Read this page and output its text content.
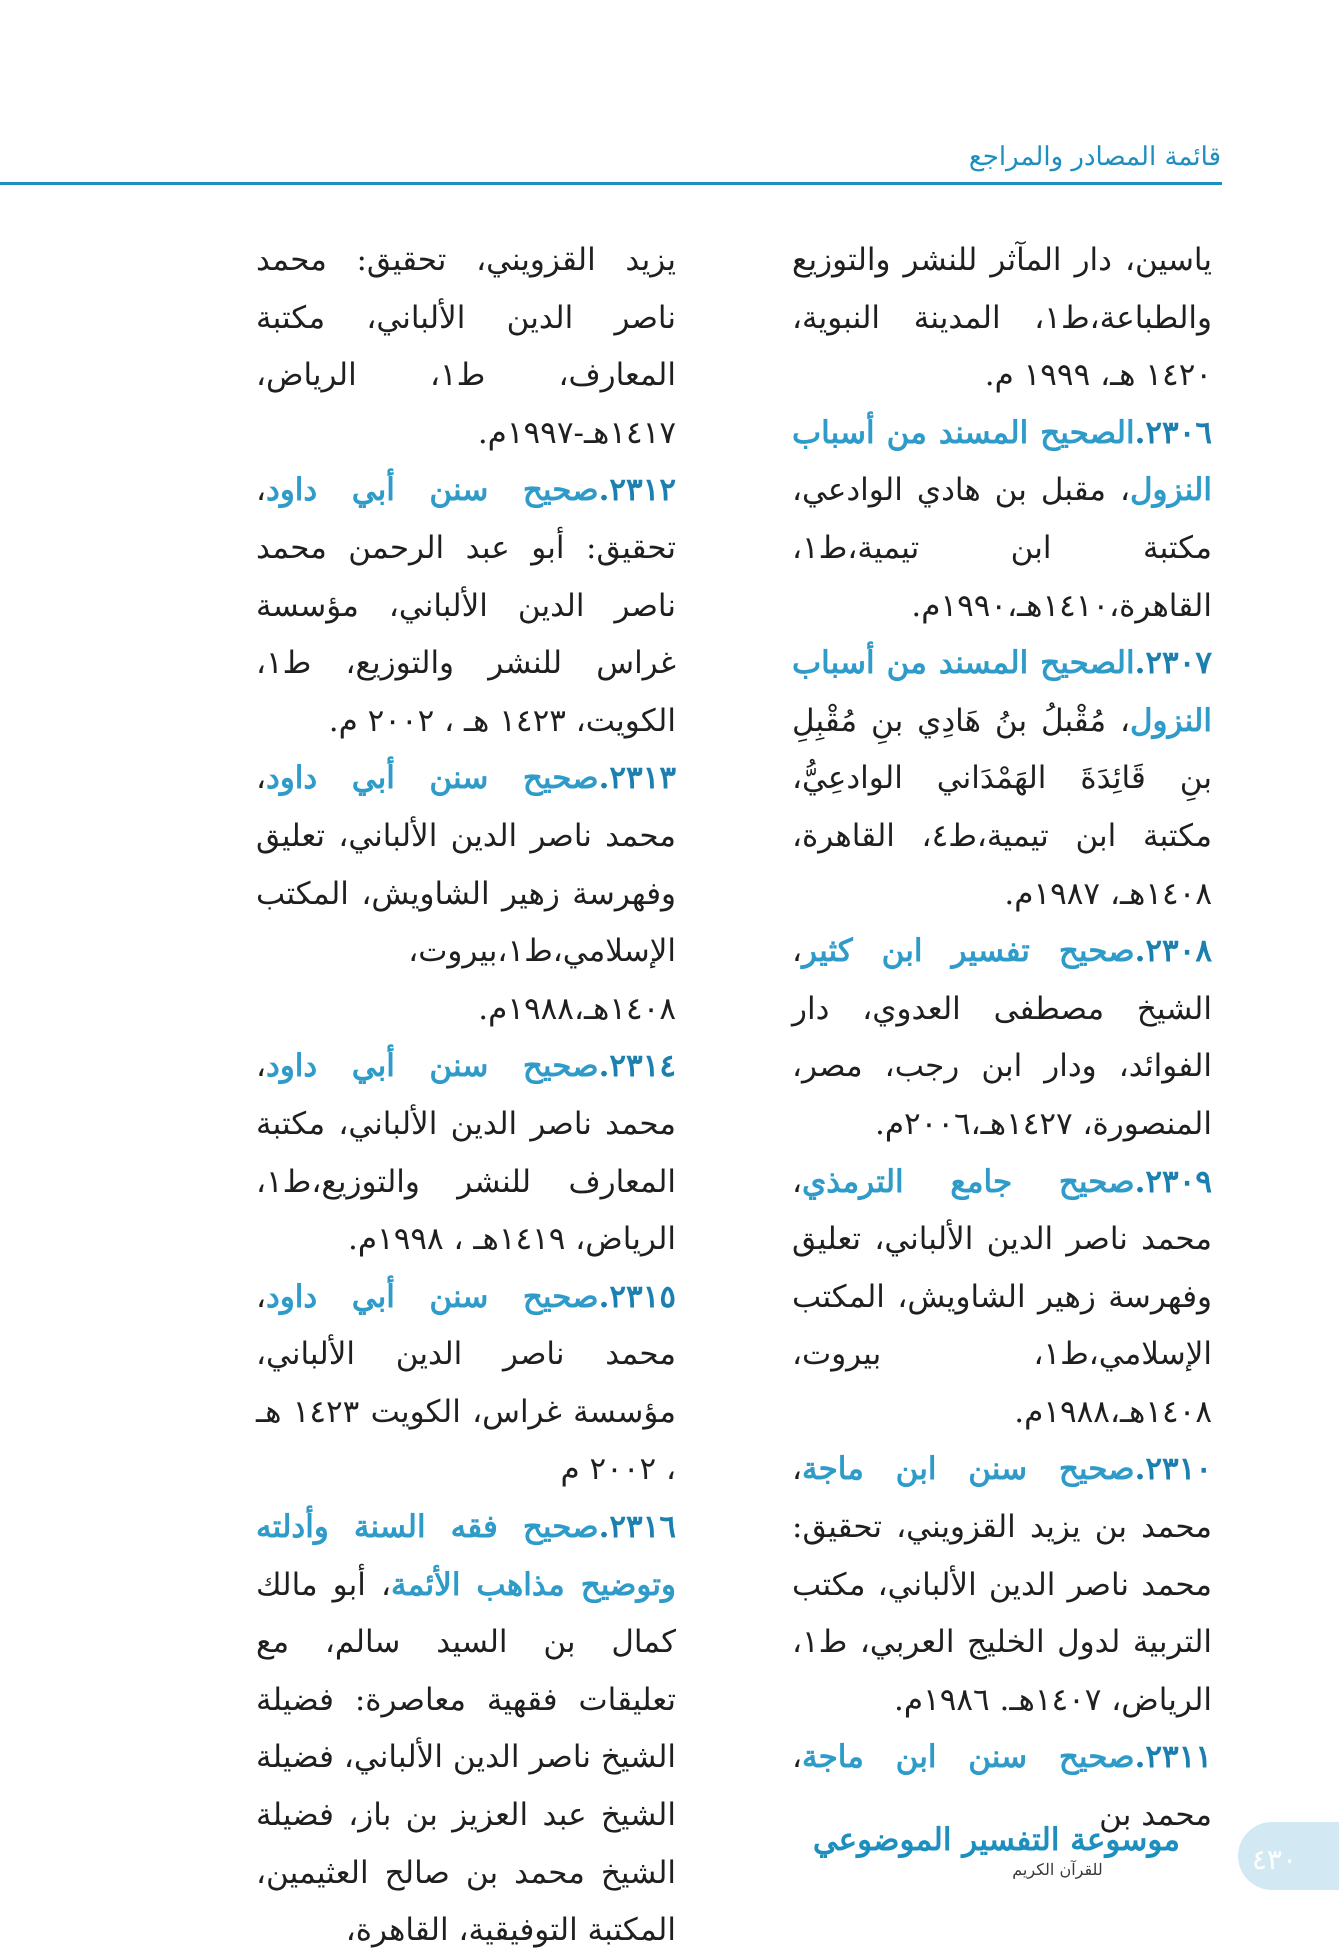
قائمة المصادر والمراجع

ياسين، دار المآثر للنشر والتوزيع والطباعة،ط١، المدينة النبوية، ١٤٢٠ هـ، ١٩٩٩ م.

٢٣٠٦.الصحيح المسند من أسباب النزول، مقبل بن هادي الوادعي، مكتبة ابن تيمية،ط١، القاهرة،١٤١٠هـ،١٩٩٠م.

٢٣٠٧.الصحيح المسند من أسباب النزول، مُقْبلُ بنُ هَادِي بنِ مُقْبِلِ بنِ قَائِدَةَ الهَمْدَاني الوادعِيُّ، مكتبة ابن تيمية،ط٤، القاهرة، ١٤٠٨هـ، ١٩٨٧م.

٢٣٠٨.صحيح تفسير ابن كثير، الشيخ مصطفى العدوي، دار الفوائد، ودار ابن رجب، مصر، المنصورة، ١٤٢٧هـ،٢٠٠٦م.

٢٣٠٩.صحيح جامع الترمذي، محمد ناصر الدين الألباني، تعليق وفهرسة زهير الشاويش، المكتب الإسلامي،ط١، بيروت، ١٤٠٨هـ،١٩٨٨م.

٢٣١٠.صحيح سنن ابن ماجة، محمد بن يزيد القزويني، تحقيق: محمد ناصر الدين الألباني، مكتب التربية لدول الخليج العربي، ط١، الرياض، ١٤٠٧هـ. ١٩٨٦م.

٢٣١١.صحيح سنن ابن ماجة، محمد بن

يزيد القزويني، تحقيق: محمد ناصر الدين الألباني، مكتبة المعارف، ط١، الرياض، ١٤١٧هـ-١٩٩٧م.

٢٣١٢.صحيح سنن أبي داود، تحقيق: أبو عبد الرحمن محمد ناصر الدين الألباني، مؤسسة غراس للنشر والتوزيع، ط١، الكويت، ١٤٢٣ هـ ، ٢٠٠٢ م.

٢٣١٣.صحيح سنن أبي داود، محمد ناصر الدين الألباني، تعليق وفهرسة زهير الشاويش، المكتب الإسلامي،ط١،بيروت، ١٤٠٨هـ،١٩٨٨م.

٢٣١٤.صحيح سنن أبي داود، محمد ناصر الدين الألباني، مكتبة المعارف للنشر والتوزيع،ط١، الرياض، ١٤١٩هـ ، ١٩٩٨م.

٢٣١٥.صحيح سنن أبي داود، محمد ناصر الدين الألباني، مؤسسة غراس، الكويت ١٤٢٣ هـ ، ٢٠٠٢ م

٢٣١٦.صحيح فقه السنة وأدلته وتوضيح مذاهب الأئمة، أبو مالك كمال بن السيد سالم، مع تعليقات فقهية معاصرة: فضيلة الشيخ ناصر الدين الألباني، فضيلة الشيخ عبد العزيز بن باز، فضيلة الشيخ محمد بن صالح العثيمين، المكتبة التوفيقية، القاهرة،

موسوعة التفسير الموضوعي
للقرآن الكريم	٤٣٠
